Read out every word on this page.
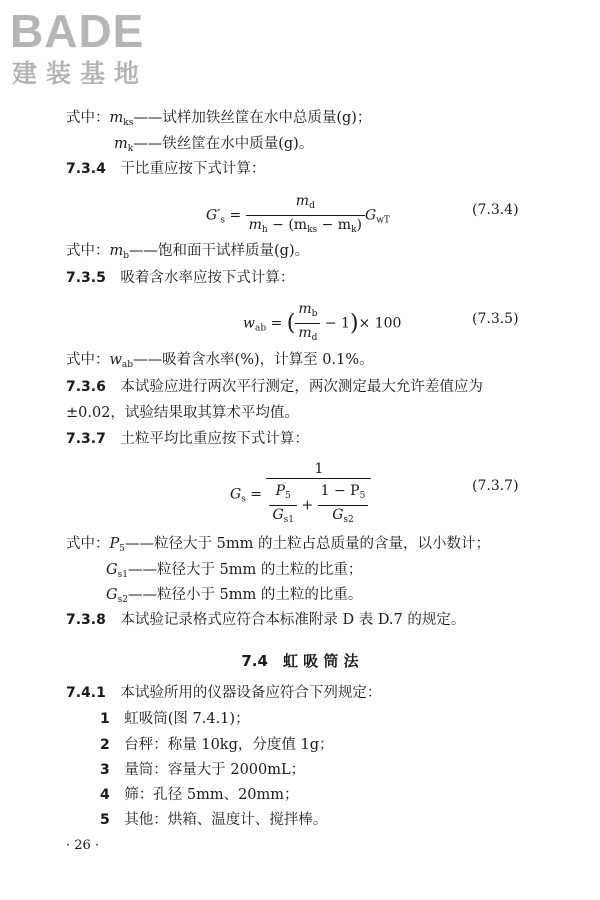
BADE
建装基地
式中：$m_{ks}——$试样加铁丝筐在水中总质量(g)；
$m_k——$铁丝筐在水中质量(g)。
7.3.4　 干比重应按下式计算：
$G'_s = \frac{m_d}{m_h - (m_{ks} - m_k)} G_{wT}$
(7.3.4)
式中：$m_b——$饱和面干试样质量(g)。
7.3.5　 吸着含水率应按下式计算：
$w_{ab}$ = ( $\frac{m_b}{m_d} - 1)\times 100$	(7.3.5)
式中：$w_{ab}——$吸着含水率(%)，计算至 0.1%。
7.3.6　 本试验应进行两次平行测定，两次测定最大允许差值应为
±0.02，试验结果取其算术平均值。
7.3.7　 土粒平均比重应按下式计算：
$G_s = \frac{1}{\frac{P_5}{G_{s1}} + \frac{1 - P_5}{G_{s2}}}$	(7.3.7)
式中：$P_5——$粒径大于 5mm 的土粒占总质量的含量，以小数计；
$G_{s1}——$粒径大于 5mm 的土粒的比重；
$G_{s2}——$粒径小于 5mm 的土粒的比重。
7.3.8　 本试验记录格式应符合本标准附录 D 表 D.7 的规定。
7.4　虹 吸 筒 法
7.4.1　 本试验所用的仪器设备应符合下列规定：
1　 虹吸筒(图 7.4.1)；
2　 台秤：称量 10kg，分度值 1g；
3　 量筒：容量大于 2000mL；
4　 筛：孔径 5mm、20mm；
5　 其他：烘箱、温度计、搅拌棒。
· 26 ·
